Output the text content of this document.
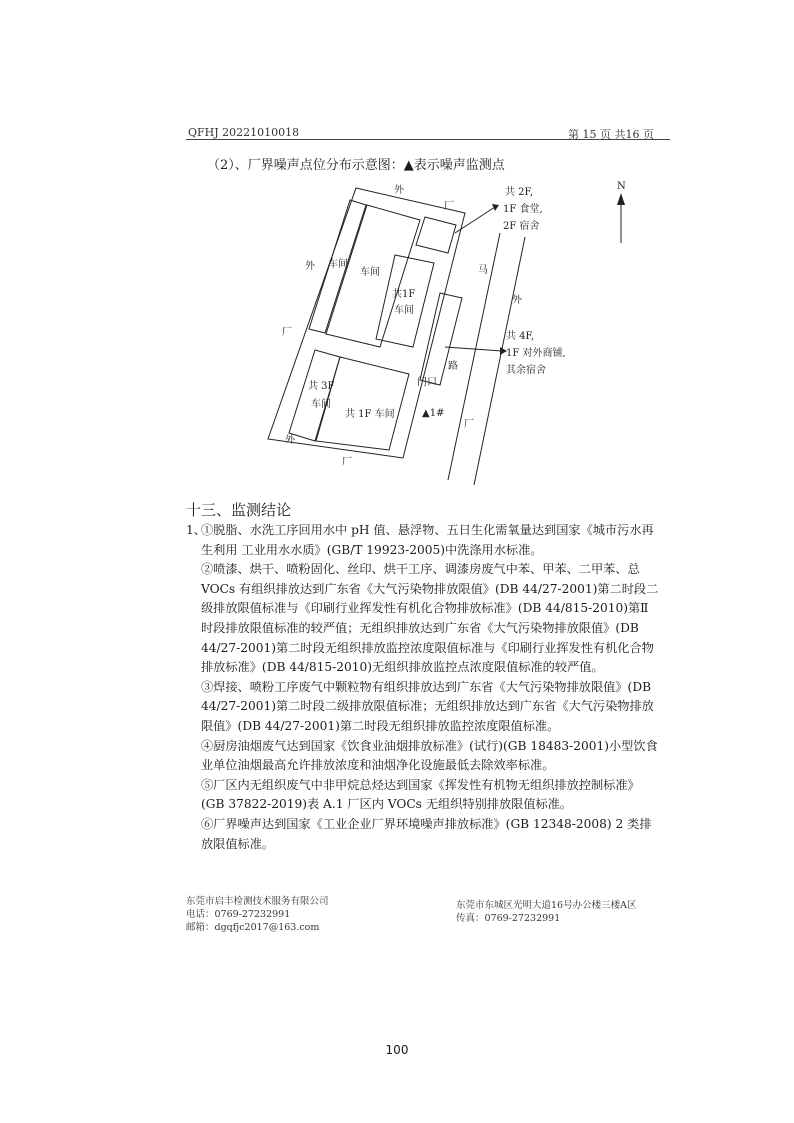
QFHJ 20221010018	第 15 页 共16 页
（2）、厂界噪声点位分布示意图：▲表示噪声监测点
N
外
厂
外
厂
外
厂
外
厂
马
路
门口
车间
车间
共1F
车间
共 3F
车间
共 1F 车间
共 2F,
1F 食堂,
2F 宿舍
共 4F,
1F 对外商铺,
其余宿舍
▲1#
十三、监测结论
1、
①脱脂、水洗工序回用水中 pH 值、悬浮物、五日生化需氧量达到国家《城市污水再生利用 工业用水水质》(GB/T 19923-2005)中洗涤用水标准。
②喷漆、烘干、喷粉固化、丝印、烘干工序、调漆房废气中苯、甲苯、二甲苯、总 VOCs 有组织排放达到广东省《大气污染物排放限值》(DB 44/27-2001)第二时段二级排放限值标准与《印刷行业挥发性有机化合物排放标准》(DB 44/815-2010)第Ⅱ时段排放限值标准的较严值；无组织排放达到广东省《大气污染物排放限值》(DB 44/27-2001)第二时段无组织排放监控浓度限值标准与《印刷行业挥发性有机化合物排放标准》(DB 44/815-2010)无组织排放监控点浓度限值标准的较严值。
③焊接、喷粉工序废气中颗粒物有组织排放达到广东省《大气污染物排放限值》(DB 44/27-2001)第二时段二级排放限值标准；无组织排放达到广东省《大气污染物排放限值》(DB 44/27-2001)第二时段无组织排放监控浓度限值标准。
④厨房油烟废气达到国家《饮食业油烟排放标准》(试行)(GB 18483-2001)小型饮食业单位油烟最高允许排放浓度和油烟净化设施最低去除效率标准。
⑤厂区内无组织废气中非甲烷总烃达到国家《挥发性有机物无组织排放控制标准》(GB 37822-2019)表 A.1 厂区内 VOCs 无组织特别排放限值标准。
⑥厂界噪声达到国家《工业企业厂界环境噪声排放标准》(GB 12348-2008) 2 类排放限值标准。
东莞市启丰检测技术服务有限公司
电话：0769-27232991
邮箱：dgqfjc2017@163.com
东莞市东城区光明大道16号办公楼三楼A区
传真：0769-27232991
100
